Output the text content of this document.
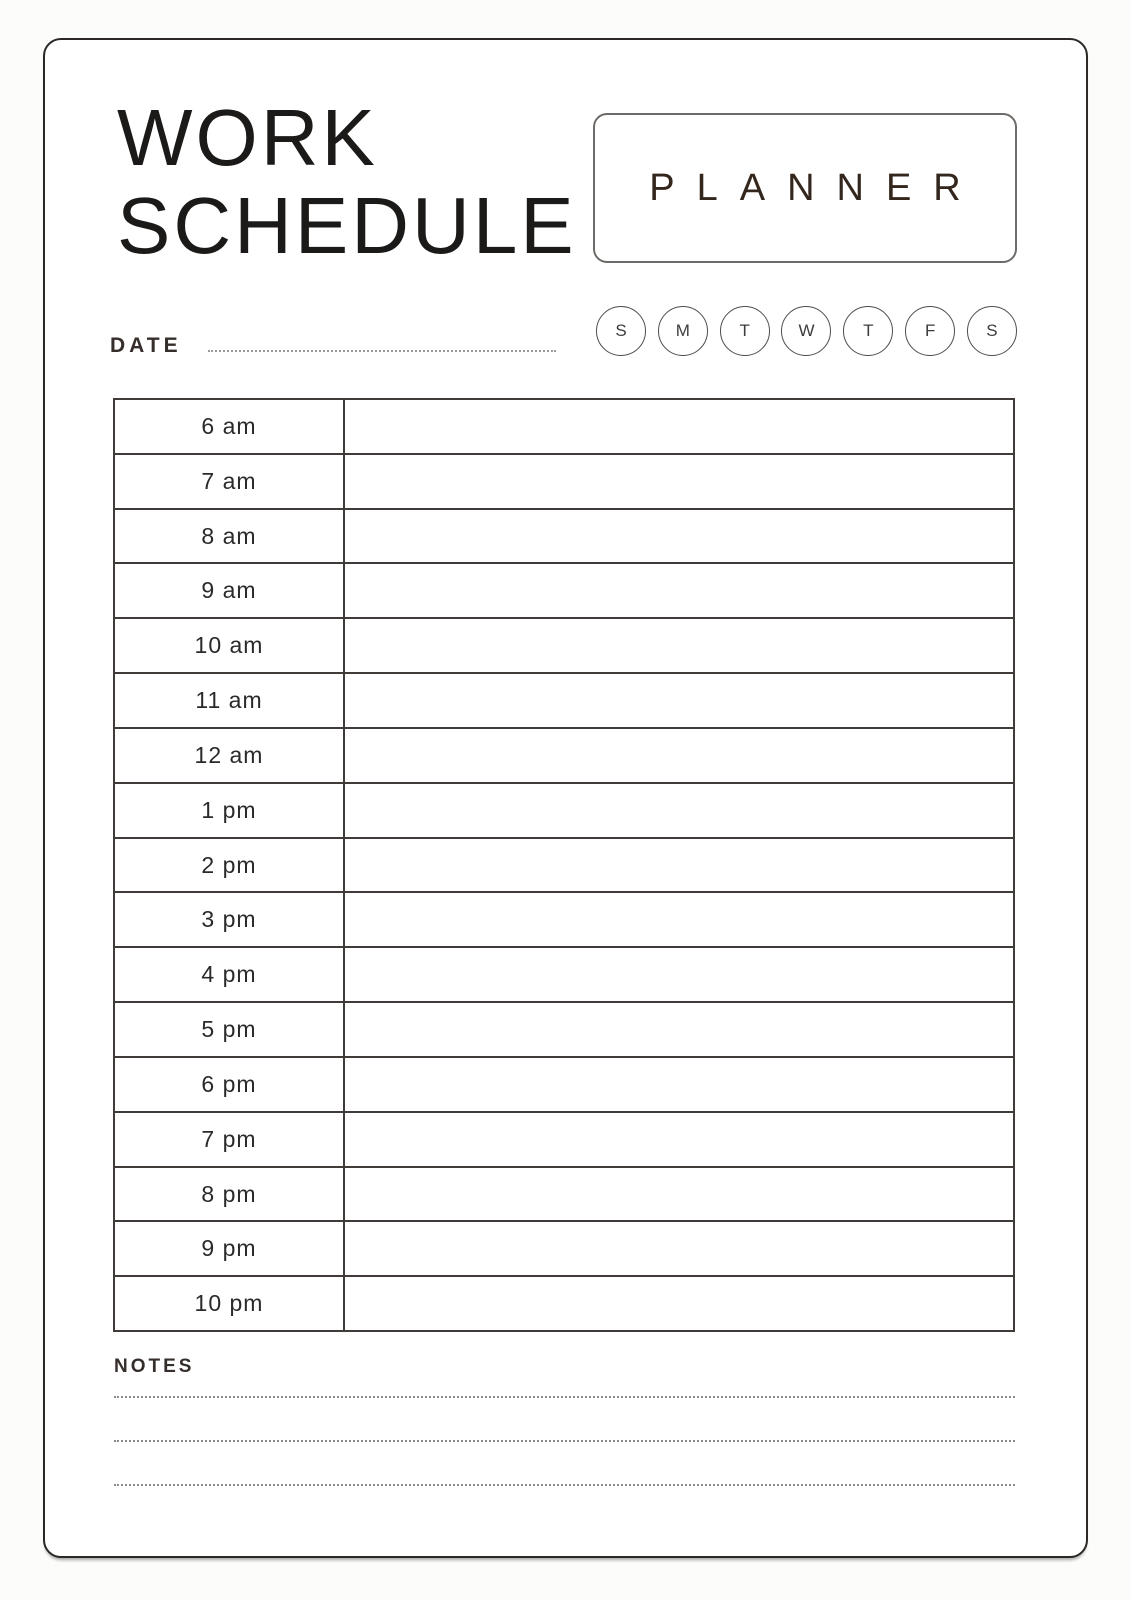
WORK
SCHEDULE PLANNER
S	M	T	W	T	F	S
DATE
6 am
7 am
8 am
9 am
10 am
11 am
12 am
1 pm
2 pm
3 pm
4 pm
5 pm
6 pm
7 pm
8 pm
9 pm
10 pm
NOTES
